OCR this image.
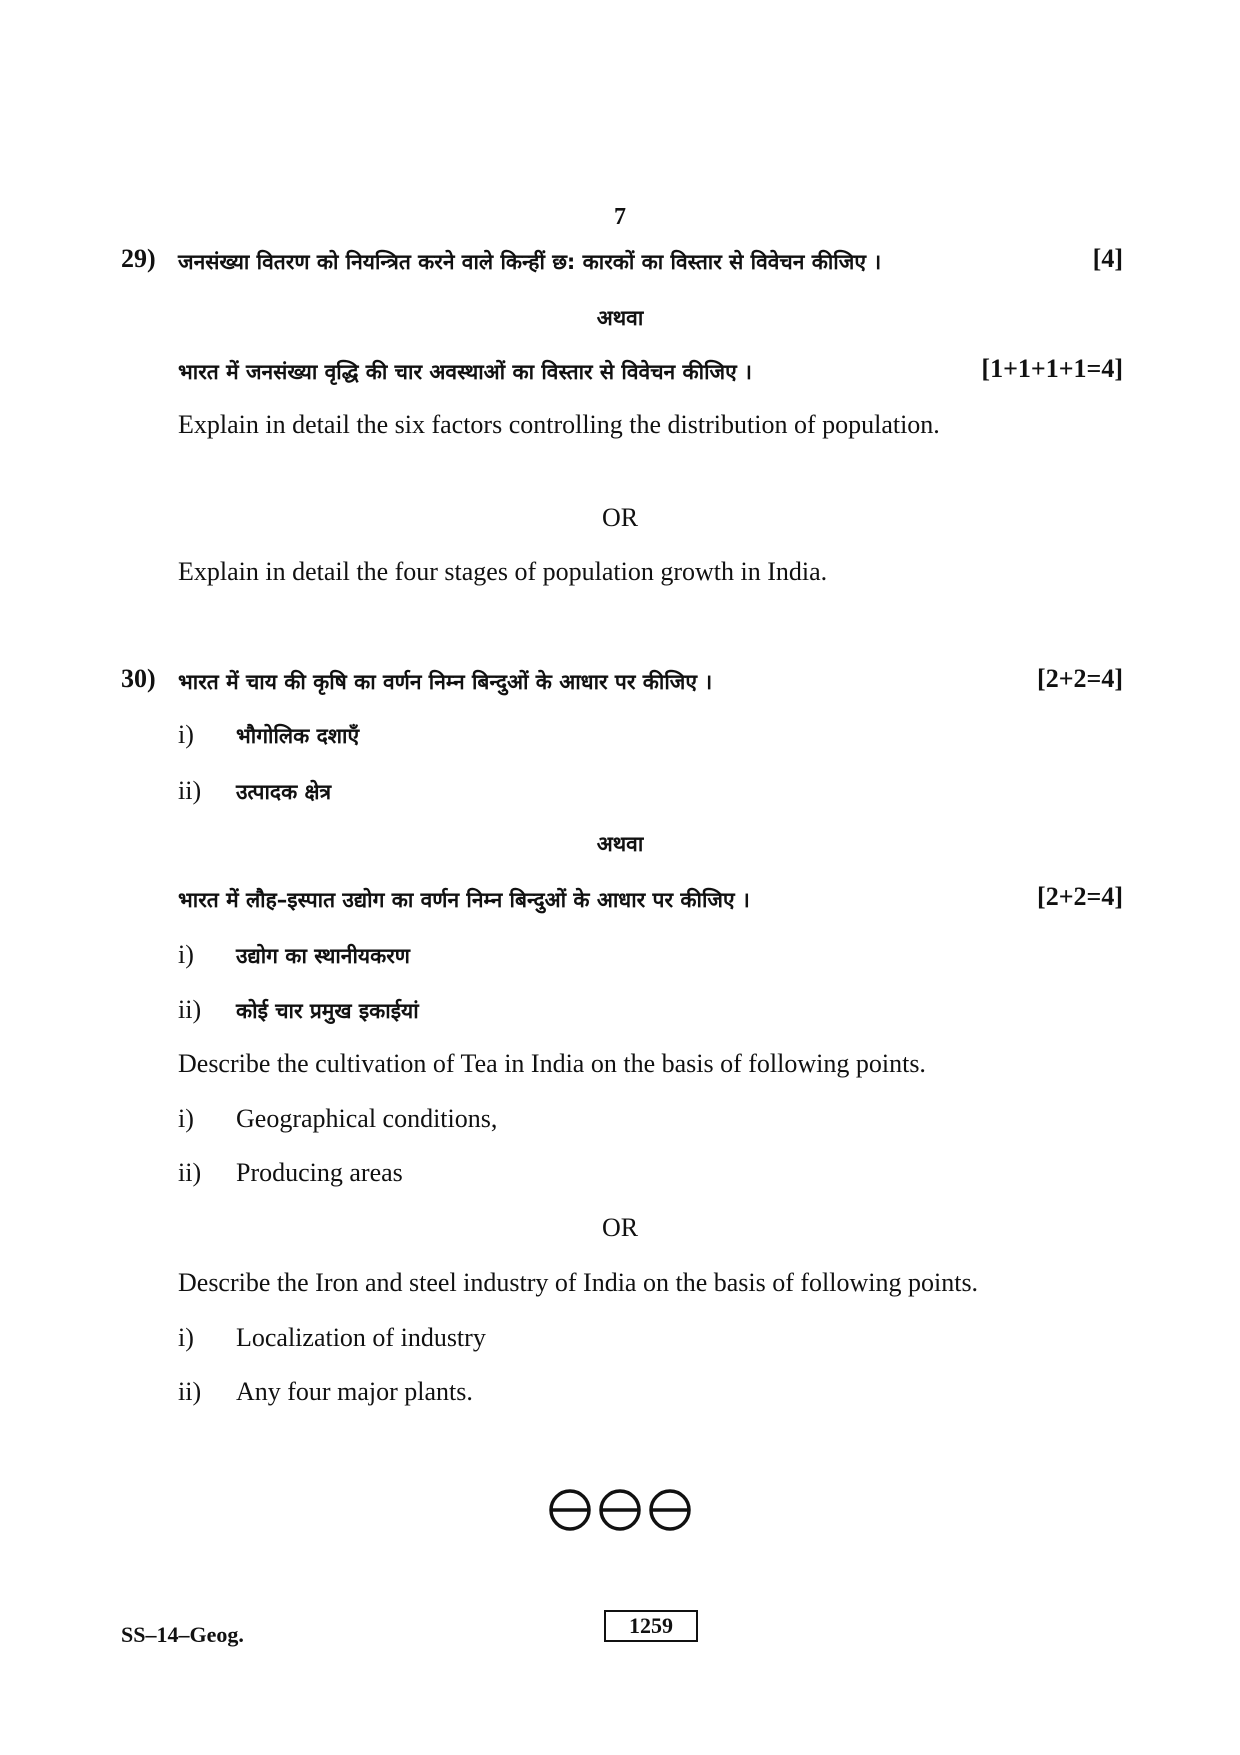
7
29) जनसंख्या वितरण को नियन्त्रित करने वाले किन्हीं छ: कारकों का विस्तार से विवेचन कीजिए ।	[4]
अथवा
भारत में जनसंख्या वृद्धि की चार अवस्थाओं का विस्तार से विवेचन कीजिए ।	[1+1+1+1=4]
Explain in detail the six factors controlling the distribution of population.
OR
Explain in detail the four stages of population growth in India.
30) भारत में चाय की कृषि का वर्णन निम्न बिन्दुओं के आधार पर कीजिए ।	[2+2=4]
i) भौगोलिक दशाएँ
ii) उत्पादक क्षेत्र
अथवा
भारत में लौह–इस्पात उद्योग का वर्णन निम्न बिन्दुओं के आधार पर कीजिए ।	[2+2=4]
i) उद्योग का स्थानीयकरण
ii) कोई चार प्रमुख इकाईयां
Describe the cultivation of Tea in India on the basis of following points.
i) Geographical conditions,
ii) Producing areas
OR
Describe the Iron and steel industry of India on the basis of following points.
i) Localization of industry
ii) Any four major plants.
SS–14–Geog.	1259
